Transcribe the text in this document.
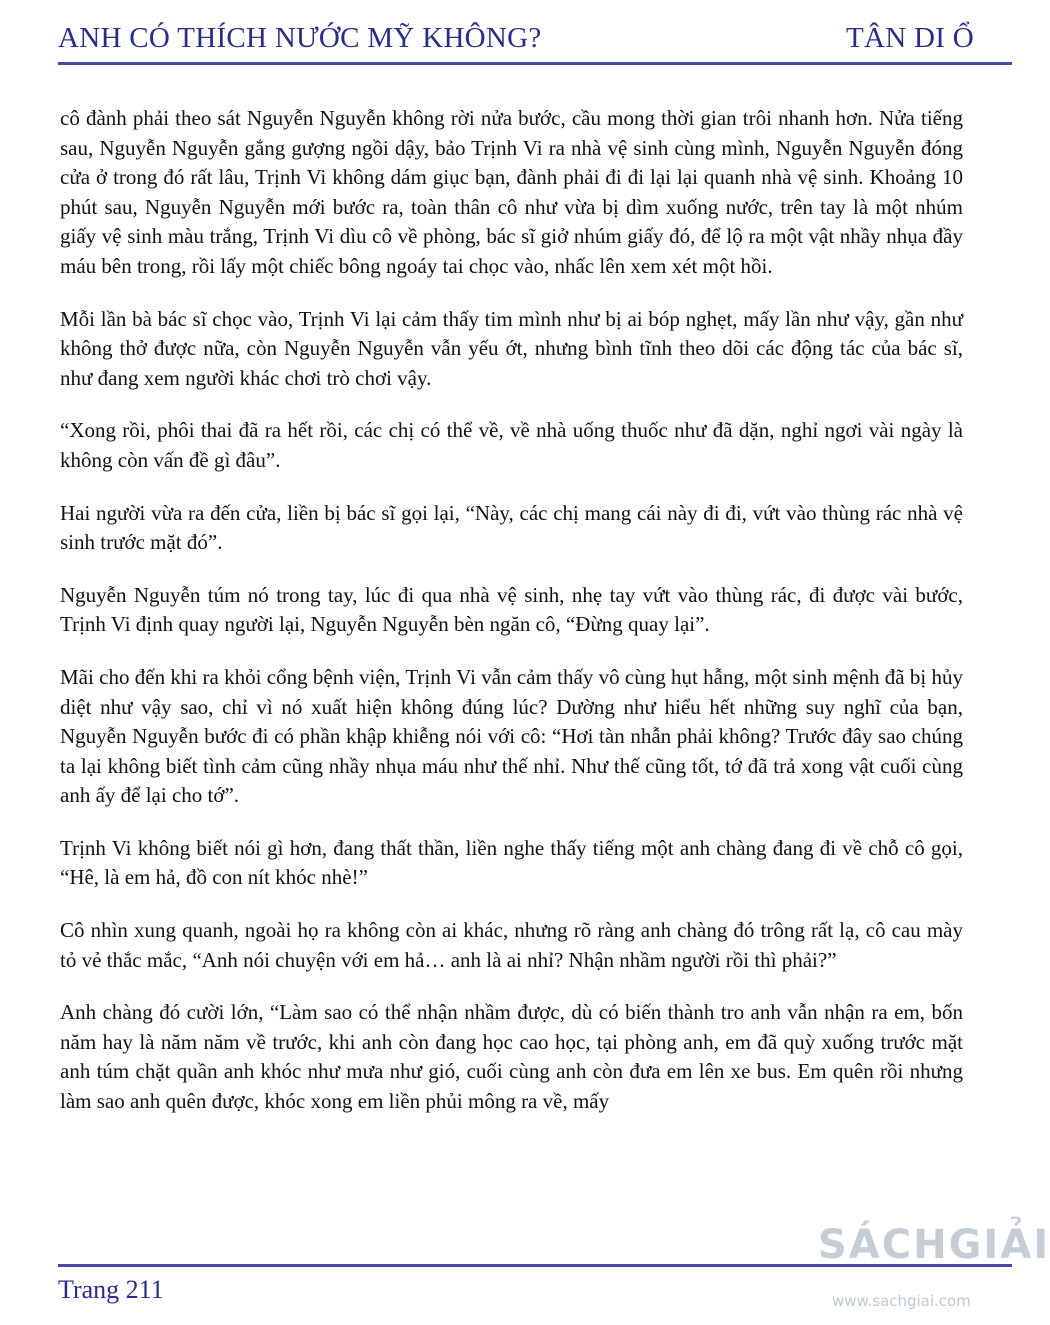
ANH CÓ THÍCH NƯỚC MỸ KHÔNG?	TÂN DI Ổ

cô đành phải theo sát Nguyễn Nguyễn không rời nửa bước, cầu mong thời gian trôi nhanh hơn. Nửa tiếng sau, Nguyễn Nguyễn gắng gượng ngồi dậy, bảo Trịnh Vi ra nhà vệ sinh cùng mình, Nguyễn Nguyễn đóng cửa ở trong đó rất lâu, Trịnh Vi không dám giục bạn, đành phải đi đi lại lại quanh nhà vệ sinh. Khoảng 10 phút sau, Nguyễn Nguyễn mới bước ra, toàn thân cô như vừa bị dìm xuống nước, trên tay là một nhúm giấy vệ sinh màu trắng, Trịnh Vi dìu cô về phòng, bác sĩ giở nhúm giấy đó, để lộ ra một vật nhầy nhụa đầy máu bên trong, rồi lấy một chiếc bông ngoáy tai chọc vào, nhấc lên xem xét một hồi.

Mỗi lần bà bác sĩ chọc vào, Trịnh Vi lại cảm thấy tim mình như bị ai bóp nghẹt, mấy lần như vậy, gần như không thở được nữa, còn Nguyễn Nguyễn vẫn yếu ớt, nhưng bình tĩnh theo dõi các động tác của bác sĩ, như đang xem người khác chơi trò chơi vậy.

“Xong rồi, phôi thai đã ra hết rồi, các chị có thể về, về nhà uống thuốc như đã dặn, nghỉ ngơi vài ngày là không còn vấn đề gì đâu”.

Hai người vừa ra đến cửa, liền bị bác sĩ gọi lại, “Này, các chị mang cái này đi đi, vứt vào thùng rác nhà vệ sinh trước mặt đó”.

Nguyễn Nguyễn túm nó trong tay, lúc đi qua nhà vệ sinh, nhẹ tay vứt vào thùng rác, đi được vài bước, Trịnh Vi định quay người lại, Nguyễn Nguyễn bèn ngăn cô, “Đừng quay lại”.

Mãi cho đến khi ra khỏi cổng bệnh viện, Trịnh Vi vẫn cảm thấy vô cùng hụt hẫng, một sinh mệnh đã bị hủy diệt như vậy sao, chỉ vì nó xuất hiện không đúng lúc? Dường như hiểu hết những suy nghĩ của bạn, Nguyễn Nguyễn bước đi có phần khập khiễng nói với cô: “Hơi tàn nhẫn phải không? Trước đây sao chúng ta lại không biết tình cảm cũng nhầy nhụa máu như thế nhỉ. Như thế cũng tốt, tớ đã trả xong vật cuối cùng anh ấy để lại cho tớ”.

Trịnh Vi không biết nói gì hơn, đang thất thần, liền nghe thấy tiếng một anh chàng đang đi về chỗ cô gọi, “Hê, là em hả, đồ con nít khóc nhè!”

Cô nhìn xung quanh, ngoài họ ra không còn ai khác, nhưng rõ ràng anh chàng đó trông rất lạ, cô cau mày tỏ vẻ thắc mắc, “Anh nói chuyện với em hả… anh là ai nhỉ? Nhận nhầm người rồi thì phải?”

Anh chàng đó cười lớn, “Làm sao có thể nhận nhầm được, dù có biến thành tro anh vẫn nhận ra em, bốn năm hay là năm năm về trước, khi anh còn đang học cao học, tại phòng anh, em đã quỳ xuống trước mặt anh túm chặt quần anh khóc như mưa như gió, cuối cùng anh còn đưa em lên xe bus. Em quên rồi nhưng làm sao anh quên được, khóc xong em liền phủi mông ra về, mấy

Trang 211
SÁCHGIẢI
www.sachgiai.com
